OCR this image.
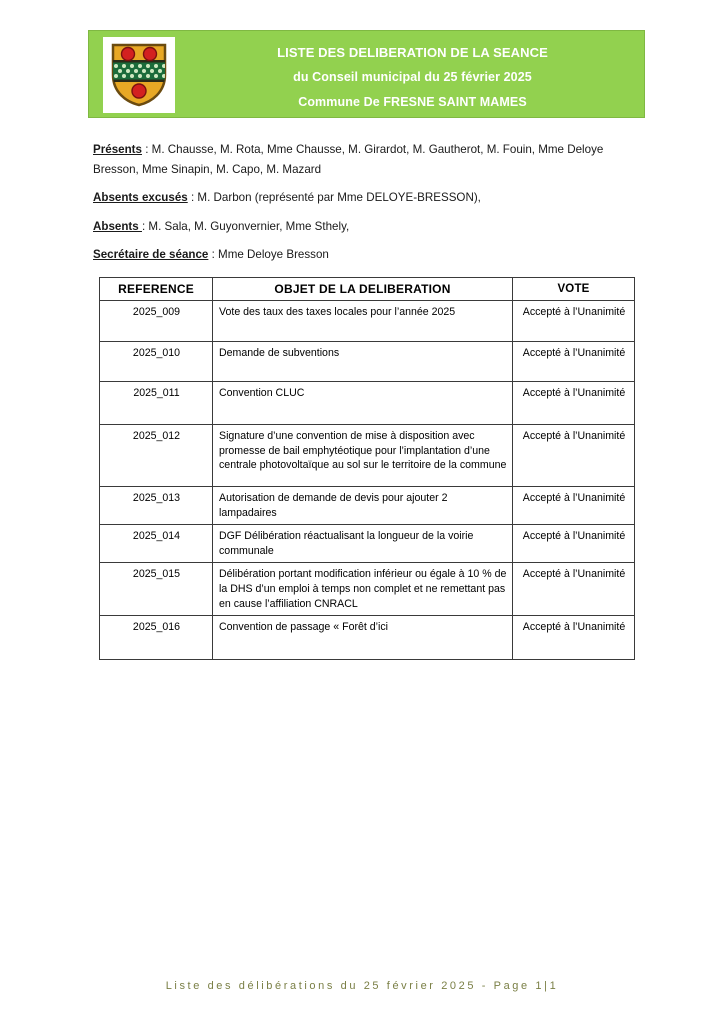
LISTE DES DELIBERATION DE LA SEANCE
du Conseil municipal du 25 février 2025
Commune De FRESNE SAINT MAMES

Présents : M. Chausse, M. Rota, Mme Chausse, M. Girardot, M. Gautherot, M. Fouin, Mme Deloye Bresson, Mme Sinapin, M. Capo, M. Mazard

Absents excusés : M. Darbon (représenté par Mme DELOYE-BRESSON),

Absents : M. Sala, M. Guyonvernier, Mme Sthely,

Secrétaire de séance : Mme Deloye Bresson

REFERENCE	OBJET DE LA DELIBERATION	VOTE
2025_009	Vote des taux des taxes locales pour l’année 2025	Accepté à l’Unanimité
2025_010	Demande de subventions	Accepté à l’Unanimité
2025_011	Convention CLUC	Accepté à l’Unanimité
2025_012	Signature d’une convention de mise à disposition avec promesse de bail emphytéotique pour l’implantation d’une centrale photovoltaïque au sol sur le territoire de la commune	Accepté à l’Unanimité
2025_013	Autorisation de demande de devis pour ajouter 2 lampadaires	Accepté à l’Unanimité
2025_014	DGF Délibération réactualisant la longueur de la voirie communale	Accepté à l’Unanimité
2025_015	Délibération portant modification inférieur ou égale à 10 % de la DHS d’un emploi à temps non complet et ne remettant pas en cause l’affiliation CNRACL	Accepté à l’Unanimité
2025_016	Convention de passage « Forêt d’ici	Accepté à l’Unanimité
Liste des délibérations du 25 février 2025 - Page 1|1
